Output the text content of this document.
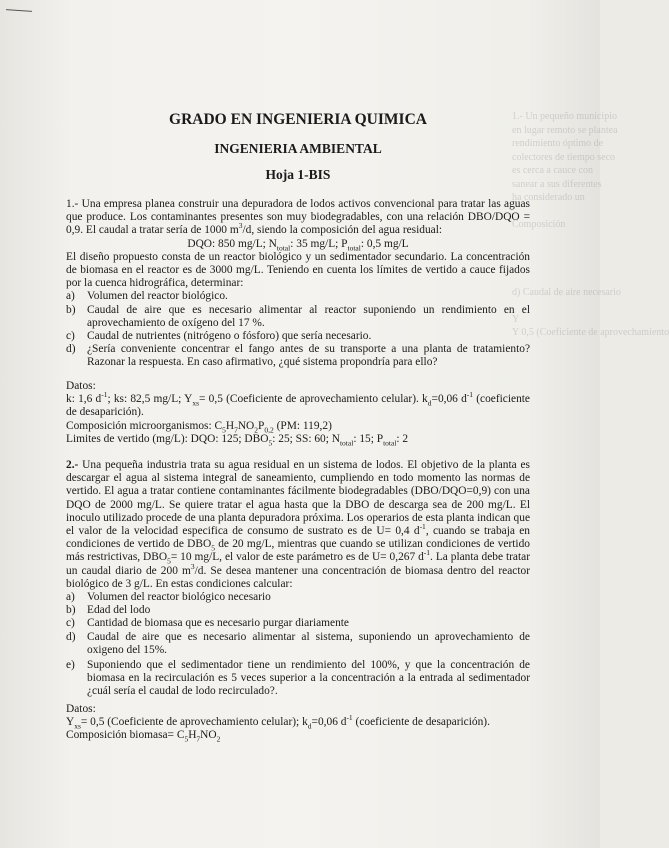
1.- Un pequeño municipio
en lugar remoto se plantea
rendimiento óptimo de
colectores de tiempo seco
es cerca a cauce con
sanear a sus diferentes
ha considerado un
Composición
d) Caudal de aire necesario
Y
Y 0,5 (Coeficiente de aprovechamiento
GRADO EN INGENIERIA QUIMICA
INGENIERIA AMBIENTAL
Hoja 1-BIS

1.- Una empresa planea construir una depuradora de lodos activos convencional para tratar las aguas que produce. Los contaminantes presentes son muy biodegradables, con una relación DBO/DQO = 0,9. El caudal a tratar sería de 1000 $m^3/d$, siendo la composición del agua residual:

DQO: 850 mg/L; $N_{total}$: 35 mg/L; $P_{total}$: 0,5 mg/L

El diseño propuesto consta de un reactor biológico y un sedimentador secundario. La concentración de biomasa en el reactor es de 3000 mg/L. Teniendo en cuenta los límites de vertido a cauce fijados por la cuenca hidrográfica, determinar:

a) Volumen del reactor biológico.
b) Caudal de aire que es necesario alimentar al reactor suponiendo un rendimiento en el aprovechamiento de oxígeno del 17 %.
c) Caudal de nutrientes (nitrógeno o fósforo) que sería necesario.
d) ¿Sería conveniente concentrar el fango antes de su transporte a una planta de tratamiento? Razonar la respuesta. En caso afirmativo, ¿qué sistema propondría para ello?

Datos:

k: 1,6 $d^{-1}$; ks: 82,5 mg/L; $Y_{xs}= 0,5$ (Coeficiente de aprovechamiento celular). $k_d=0,06$ $d^{-1}$ (coeficiente de desaparición).

Composición microorganismos: $C_5H_7NO_2P_{0,2}$ (PM: 119,2)

Limites de vertido (mg/L): DQO: 125; $DBO_5$: 25; SS: 60; $N_{total}$: 15; $P_{total}$: 2

2.- Una pequeña industria trata su agua residual en un sistema de lodos. El objetivo de la planta es descargar el agua al sistema integral de saneamiento, cumpliendo en todo momento las normas de vertido. El agua a tratar contiene contaminantes fácilmente biodegradables (DBO/DQO=0,9) con una DQO de 2000 mg/L. Se quiere tratar el agua hasta que la DBO de descarga sea de 200 mg/L. El inoculo utilizado procede de una planta depuradora próxima. Los operarios de esta planta indican que el valor de la velocidad especifica de consumo de sustrato es de U= 0,4 $d^{-1}$, cuando se trabaja en condiciones de vertido de $DBO_5$ de 20 mg/L, mientras que cuando se utilizan condiciones de vertido más restrictivas, $DBO_5= 10$ mg/L, el valor de este parámetro es de U= 0,267 $d^{-1}$. La planta debe tratar un caudal diario de 200 $m^3/d$. Se desea mantener una concentración de biomasa dentro del reactor biológico de 3 g/L. En estas condiciones calcular:

a) Volumen del reactor biológico necesario
b) Edad del lodo
c) Cantidad de biomasa que es necesario purgar diariamente
d) Caudal de aire que es necesario alimentar al sistema, suponiendo un aprovechamiento de oxigeno del 15%.
e) Suponiendo que el sedimentador tiene un rendimiento del 100%, y que la concentración de biomasa en la recirculación es 5 veces superior a la concentración a la entrada al sedimentador ¿cuál sería el caudal de lodo recirculado?.

Datos:

$Y_{xs}= 0,5$ (Coeficiente de aprovechamiento celular); $k_d=0,06$ $d^{-1}$ (coeficiente de desaparición).

Composición biomasa= $C_5H_7NO_2$
